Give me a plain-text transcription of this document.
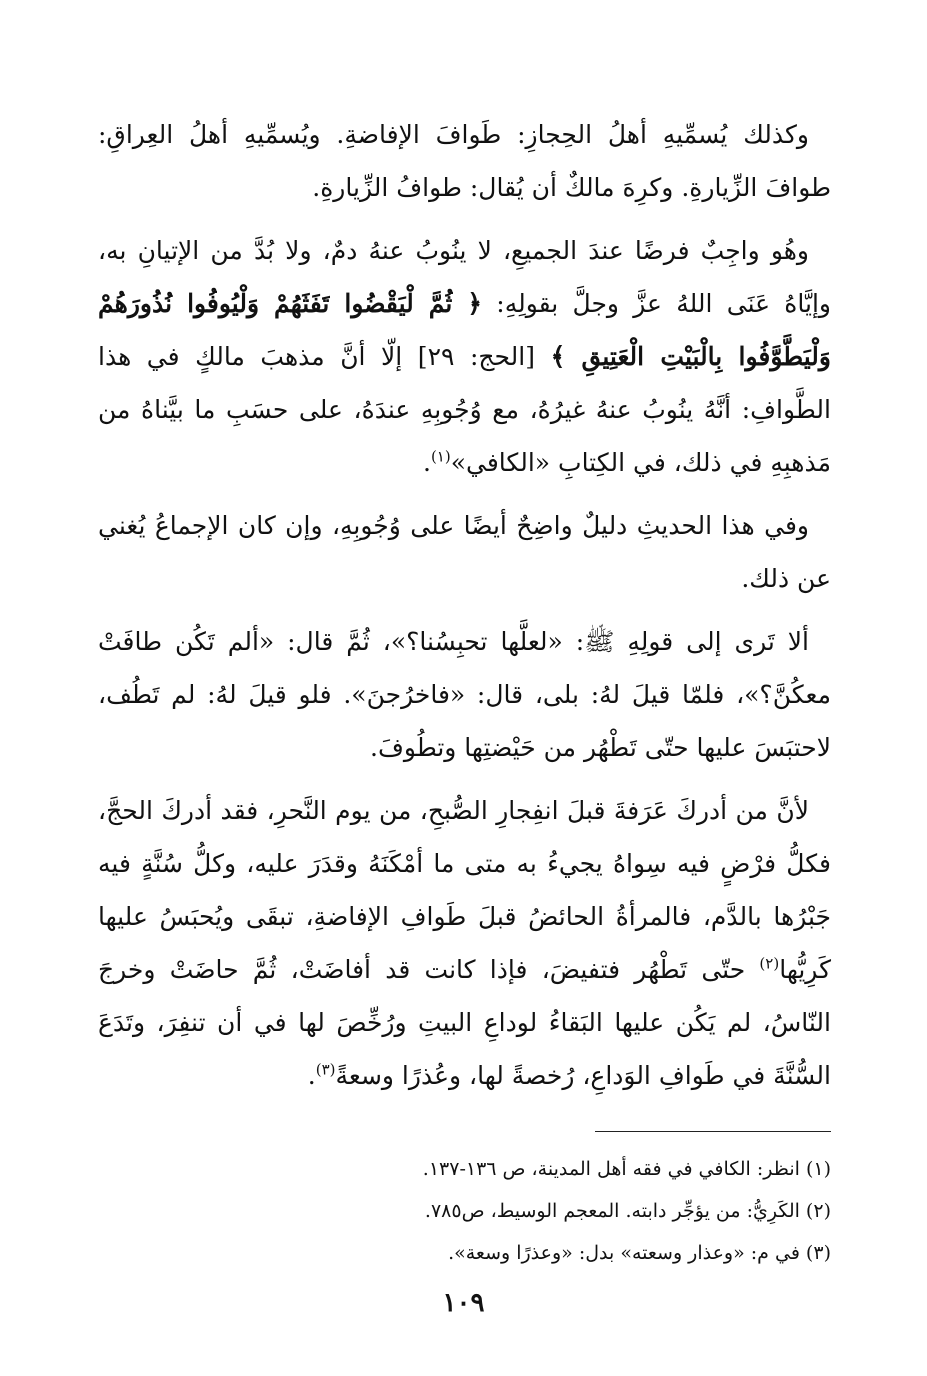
وكذلك يُسمِّيهِ أهلُ الحِجازِ: طَوافَ الإفاضةِ. ويُسمِّيهِ أهلُ العِراقِ: طوافَ الزِّيارةِ. وكرِهَ مالكٌ أن يُقال: طوافُ الزِّيارةِ.

وهُو واجِبٌ فرضًا عندَ الجميعِ، لا ينُوبُ عنهُ دمٌ، ولا بُدَّ من الإتيانِ به، وإيَّاهُ عَنَى اللهُ عزَّ وجلَّ بقولِهِ: ﴿ ثُمَّ لْيَقْضُوا تَفَثَهُمْ وَلْيُوفُوا نُذُورَهُمْ وَلْيَطَّوَّفُوا بِالْبَيْتِ الْعَتِيقِ ﴾ [الحج: ٢٩] إلّا أنَّ مذهبَ مالكٍ في هذا الطَّوافِ: أنَّهُ ينُوبُ عنهُ غيرُهُ، مع وُجُوبِهِ عندَهُ، على حسَبِ ما بيَّناهُ من مَذهبِهِ في ذلك، في الكِتابِ «الكافي»$^{(١)}$.

وفي هذا الحديثِ دليلٌ واضِحٌ أيضًا على وُجُوبِهِ، وإن كان الإجماعُ يُغني عن ذلك.

ألا تَرى إلى قولِهِ ﷺ: «لعلَّها تحبِسُنا؟»، ثُمَّ قال: «ألم تَكُن طافَتْ معكُنَّ؟»، فلمّا قيلَ لهُ: بلى، قال: «فاخرُجنَ». فلو قيلَ لهُ: لم تَطُف، لاحتبَسَ عليها حتّى تَطْهُر من حَيْضتِها وتطُوفَ.

لأنَّ من أدركَ عَرَفةَ قبلَ انفِجارِ الصُّبحِ، من يوم النَّحرِ، فقد أدركَ الحجَّ، فكلُّ فرْضٍ فيه سِواهُ يجيءُ به متى ما أمْكَنَهُ وقدَرَ عليه، وكلُّ سُنَّةٍ فيه جَبْرُها بالدَّم، فالمرأةُ الحائضُ قبلَ طَوافِ الإفاضةِ، تبقَى ويُحبَسُ عليها كَرِيُّها$^{(٢)}$ حتّى تَطْهُر فتفيضَ، فإذا كانت قد أفاضَتْ، ثُمَّ حاضَتْ وخرجَ النّاسُ، لم يَكُن عليها البَقاءُ لوداعِ البيتِ ورُخِّصَ لها في أن تنفِرَ، وتَدَعَ السُّنَّةَ في طَوافِ الوَداعِ، رُخصةً لها، وعُذرًا وسعةً$^{(٣)}$.

(١) انظر: الكافي في فقه أهل المدينة، ص ١٣٦-١٣٧.

(٢) الكَرِيُّ: من يؤجِّر دابته. المعجم الوسيط، ص٧٨٥.

(٣) في م: «وعذار وسعته» بدل: «وعذرًا وسعة».

١٠٩
